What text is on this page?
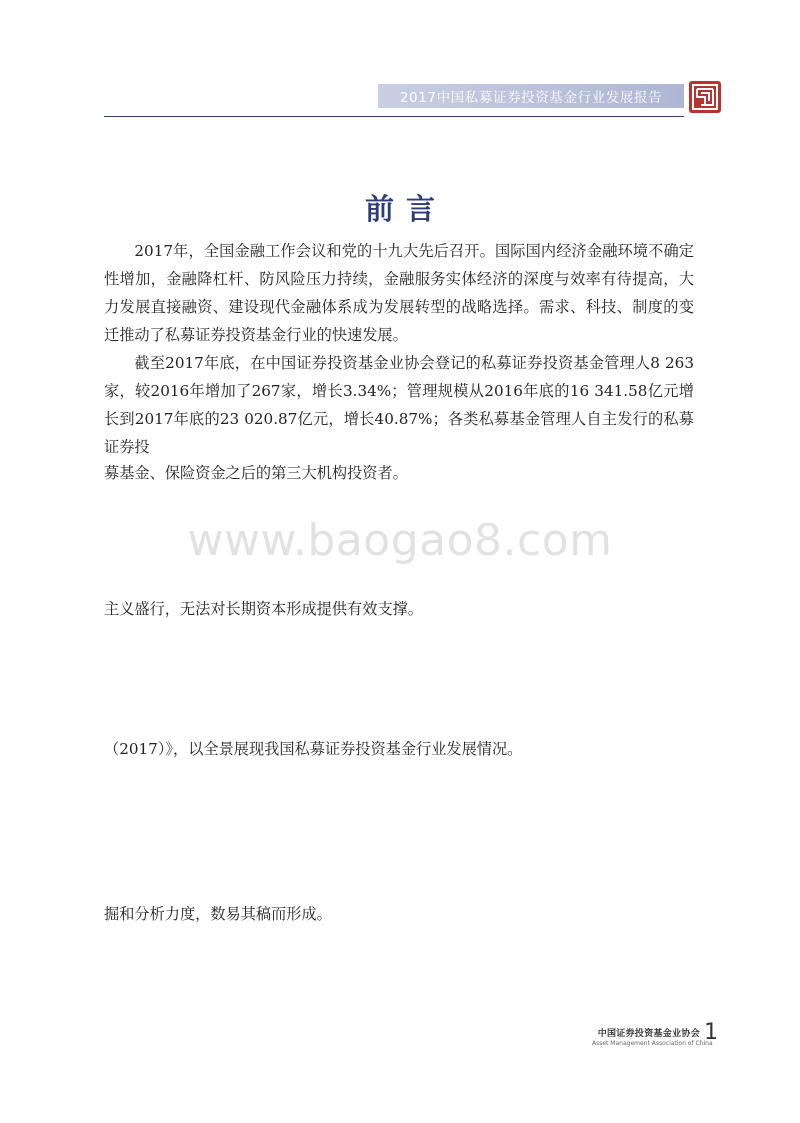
2017中国私募证券投资基金行业发展报告
前言

2017年，全国金融工作会议和党的十九大先后召开。国际国内经济金融环境不确定性增加，金融降杠杆、防风险压力持续，金融服务实体经济的深度与效率有待提高，大力发展直接融资、建设现代金融体系成为发展转型的战略选择。需求、科技、制度的变迁推动了私募证券投资基金行业的快速发展。

截至2017年底，在中国证券投资基金业协会登记的私募证券投资基金管理人8 263家，较2016年增加了267家，增长3.34%；管理规模从2016年底的16 341.58亿元增长到2017年底的23 020.87亿元，增长40.87%；各类私募基金管理人自主发行的私募证券投

募基金、保险资金之后的第三大机构投资者。

www.baogao8.com

主义盛行，无法对长期资本形成提供有效支撑。

（2017）》，以全景展现我国私募证券投资基金行业发展情况。

掘和分析力度，数易其稿而形成。

中国证券投资基金业协会
Asset Management Association of China
1
